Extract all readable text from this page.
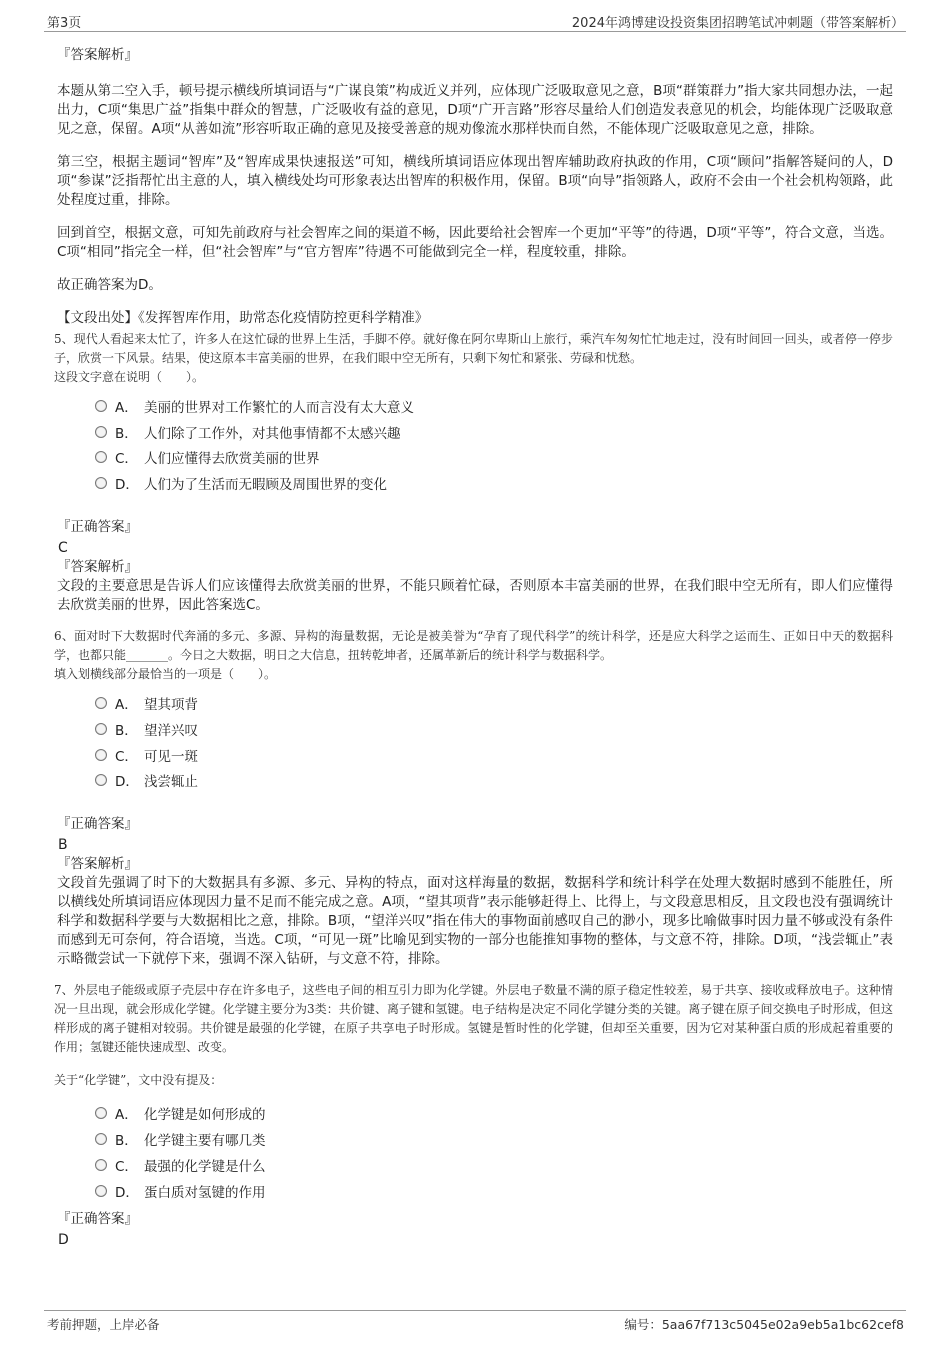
第3页	2024年鸿博建设投资集团招聘笔试冲刺题（带答案解析）

『答案解析』

本题从第二空入手，顿号提示横线所填词语与“广谋良策”构成近义并列，应体现广泛吸取意见之意，B项“群策群力”指大家共同想办法，一起出力，C项“集思广益”指集中群众的智慧，广泛吸收有益的意见，D项“广开言路”形容尽量给人们创造发表意见的机会，均能体现广泛吸取意见之意，保留。A项“从善如流”形容听取正确的意见及接受善意的规劝像流水那样快而自然，不能体现广泛吸取意见之意，排除。

第三空，根据主题词“智库”及“智库成果快速报送”可知，横线所填词语应体现出智库辅助政府执政的作用，C项“顾问”指解答疑问的人，D项“参谋”泛指帮忙出主意的人，填入横线处均可形象表达出智库的积极作用，保留。B项“向导”指领路人，政府不会由一个社会机构领路，此处程度过重，排除。

回到首空，根据文意，可知先前政府与社会智库之间的渠道不畅，因此要给社会智库一个更加“平等”的待遇，D项“平等”，符合文意，当选。C项“相同”指完全一样，但“社会智库”与“官方智库”待遇不可能做到完全一样，程度较重，排除。

故正确答案为D。

【文段出处】《发挥智库作用，助常态化疫情防控更科学精准》

5、现代人看起来太忙了，许多人在这忙碌的世界上生活，手脚不停。就好像在阿尔卑斯山上旅行，乘汽车匆匆忙忙地走过，没有时间回一回头，或者停一停步子，欣赏一下风景。结果，使这原本丰富美丽的世界，在我们眼中空无所有，只剩下匆忙和紧张、劳碌和忧愁。

这段文字意在说明（　　）。

A． 美丽的世界对工作繁忙的人而言没有太大意义
B． 人们除了工作外，对其他事情都不太感兴趣
C． 人们应懂得去欣赏美丽的世界
D． 人们为了生活而无暇顾及周围世界的变化

『正确答案』

C

『答案解析』

文段的主要意思是告诉人们应该懂得去欣赏美丽的世界，不能只顾着忙碌，否则原本丰富美丽的世界，在我们眼中空无所有，即人们应懂得去欣赏美丽的世界，因此答案选C。

6、面对时下大数据时代奔涌的多元、多源、异构的海量数据，无论是被美誉为“孕育了现代科学”的统计科学，还是应大科学之运而生、正如日中天的数据科学，也都只能_______。今日之大数据，明日之大信息，扭转乾坤者，还属革新后的统计科学与数据科学。

填入划横线部分最恰当的一项是（　　）。

A． 望其项背
B． 望洋兴叹
C． 可见一斑
D． 浅尝辄止

『正确答案』

B

『答案解析』

文段首先强调了时下的大数据具有多源、多元、异构的特点，面对这样海量的数据，数据科学和统计科学在处理大数据时感到不能胜任，所以横线处所填词语应体现因力量不足而不能完成之意。A项，“望其项背”表示能够赶得上、比得上，与文段意思相反，且文段也没有强调统计科学和数据科学要与大数据相比之意，排除。B项，“望洋兴叹”指在伟大的事物面前感叹自己的渺小，现多比喻做事时因力量不够或没有条件而感到无可奈何，符合语境，当选。C项，“可见一斑”比喻见到实物的一部分也能推知事物的整体，与文意不符，排除。D项，“浅尝辄止”表示略微尝试一下就停下来，强调不深入钻研，与文意不符，排除。

7、外层电子能级或原子壳层中存在许多电子，这些电子间的相互引力即为化学键。外层电子数量不满的原子稳定性较差，易于共享、接收或释放电子。这种情况一旦出现，就会形成化学键。化学键主要分为3类：共价键、离子键和氢键。电子结构是决定不同化学键分类的关键。离子键在原子间交换电子时形成，但这样形成的离子键相对较弱。共价键是最强的化学键，在原子共享电子时形成。氢键是暂时性的化学键，但却至关重要，因为它对某种蛋白质的形成起着重要的作用；氢键还能快速成型、改变。

关于“化学键”，文中没有提及：

A． 化学键是如何形成的
B． 化学键主要有哪几类
C． 最强的化学键是什么
D． 蛋白质对氢键的作用

『正确答案』

D

考前押题，上岸必备	编号：5aa67f713c5045e02a9eb5a1bc62cef8
